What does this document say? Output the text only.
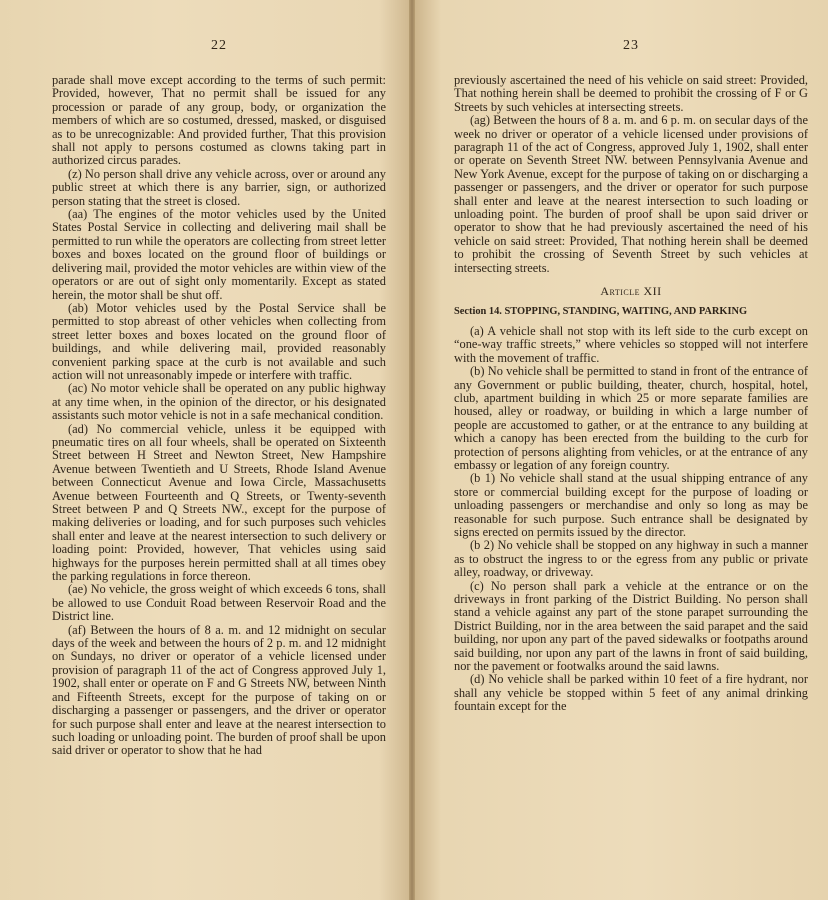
22

parade shall move except according to the terms of such permit: Provided, however, That no permit shall be issued for any procession or parade of any group, body, or organization the members of which are so costumed, dressed, masked, or disguised as to be unrecognizable: And provided further, That this provision shall not apply to persons costumed as clowns taking part in authorized circus parades.

(z) No person shall drive any vehicle across, over or around any public street at which there is any barrier, sign, or authorized person stating that the street is closed.

(aa) The engines of the motor vehicles used by the United States Postal Service in collecting and delivering mail shall be permitted to run while the operators are collecting from street letter boxes and boxes located on the ground floor of buildings or delivering mail, provided the motor vehicles are within view of the operators or are out of sight only momentarily. Except as stated herein, the motor shall be shut off.

(ab) Motor vehicles used by the Postal Service shall be permitted to stop abreast of other vehicles when collecting from street letter boxes and boxes located on the ground floor of buildings, and while delivering mail, provided reasonably convenient parking space at the curb is not available and such action will not unreasonably impede or interfere with traffic.

(ac) No motor vehicle shall be operated on any public highway at any time when, in the opinion of the director, or his designated assistants such motor vehicle is not in a safe mechanical condition.

(ad) No commercial vehicle, unless it be equipped with pneumatic tires on all four wheels, shall be operated on Sixteenth Street between H Street and Newton Street, New Hampshire Avenue between Twentieth and U Streets, Rhode Island Avenue between Connecticut Avenue and Iowa Circle, Massachusetts Avenue between Fourteenth and Q Streets, or Twenty-seventh Street between P and Q Streets NW., except for the purpose of making deliveries or loading, and for such purposes such vehicles shall enter and leave at the nearest intersection to such delivery or loading point: Provided, however, That vehicles using said highways for the purposes herein permitted shall at all times obey the parking regulations in force thereon.

(ae) No vehicle, the gross weight of which exceeds 6 tons, shall be allowed to use Conduit Road between Reservoir Road and the District line.

(af) Between the hours of 8 a. m. and 12 midnight on secular days of the week and between the hours of 2 p. m. and 12 midnight on Sundays, no driver or operator of a vehicle licensed under provision of paragraph 11 of the act of Congress approved July 1, 1902, shall enter or operate on F and G Streets NW, between Ninth and Fifteenth Streets, except for the purpose of taking on or discharging a passenger or passengers, and the driver or operator for such purpose shall enter and leave at the nearest intersection to such loading or unloading point. The burden of proof shall be upon said driver or operator to show that he had

23

previously ascertained the need of his vehicle on said street: Provided, That nothing herein shall be deemed to prohibit the crossing of F or G Streets by such vehicles at intersecting streets.

(ag) Between the hours of 8 a. m. and 6 p. m. on secular days of the week no driver or operator of a vehicle licensed under provisions of paragraph 11 of the act of Congress, approved July 1, 1902, shall enter or operate on Seventh Street NW. between Pennsylvania Avenue and New York Avenue, except for the purpose of taking on or discharging a passenger or passengers, and the driver or operator for such purpose shall enter and leave at the nearest intersection to such loading or unloading point. The burden of proof shall be upon said driver or operator to show that he had previously ascertained the need of his vehicle on said street: Provided, That nothing herein shall be deemed to prohibit the crossing of Seventh Street by such vehicles at intersecting streets.

Article XII
Section 14. STOPPING, STANDING, WAITING, AND PARKING

(a) A vehicle shall not stop with its left side to the curb except on “one-way traffic streets,” where vehicles so stopped will not interfere with the movement of traffic.

(b) No vehicle shall be permitted to stand in front of the entrance of any Government or public building, theater, church, hospital, hotel, club, apartment building in which 25 or more separate families are housed, alley or roadway, or building in which a large number of people are accustomed to gather, or at the entrance to any building at which a canopy has been erected from the building to the curb for protection of persons alighting from vehicles, or at the entrance of any embassy or legation of any foreign country.

(b 1) No vehicle shall stand at the usual shipping entrance of any store or commercial building except for the purpose of loading or unloading passengers or merchandise and only so long as may be reasonable for such purpose. Such entrance shall be designated by signs erected on permits issued by the director.

(b 2) No vehicle shall be stopped on any highway in such a manner as to obstruct the ingress to or the egress from any public or private alley, roadway, or driveway.

(c) No person shall park a vehicle at the entrance or on the driveways in front parking of the District Building. No person shall stand a vehicle against any part of the stone parapet surrounding the District Building, nor in the area between the said parapet and the said building, nor upon any part of the paved sidewalks or footpaths around said building, nor upon any part of the lawns in front of said building, nor the pavement or footwalks around the said lawns.

(d) No vehicle shall be parked within 10 feet of a fire hydrant, nor shall any vehicle be stopped within 5 feet of any animal drinking fountain except for the
